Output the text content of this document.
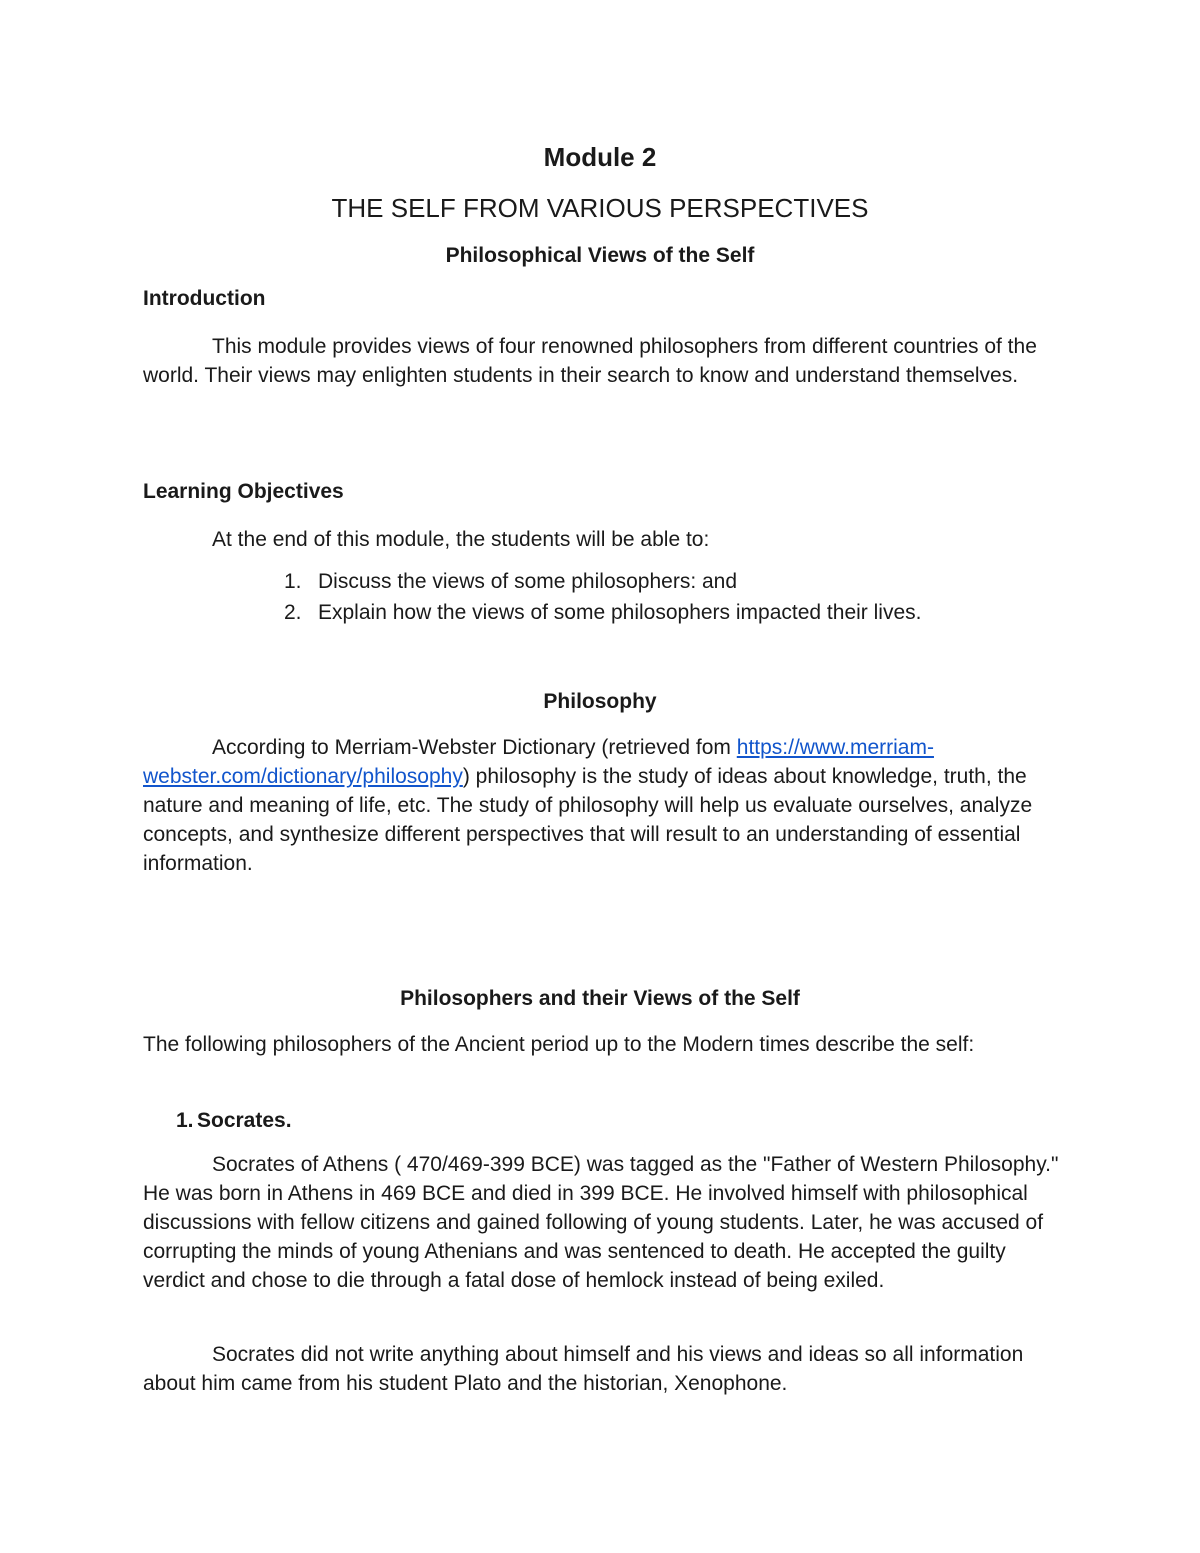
Module 2
THE SELF FROM VARIOUS PERSPECTIVES
Philosophical Views of the Self
Introduction

This module provides views of four renowned philosophers from different countries of the world. Their views may enlighten students in their search to know and understand themselves.

Learning Objectives

At the end of this module, the students will be able to:

1. Discuss the views of some philosophers: and
2. Explain how the views of some philosophers impacted their lives.
Philosophy

According to Merriam-Webster Dictionary (retrieved fom https://www.merriam-webster.com/dictionary/philosophy) philosophy is the study of ideas about knowledge, truth, the nature and meaning of life, etc. The study of philosophy will help us evaluate ourselves, analyze concepts, and synthesize different perspectives that will result to an understanding of essential information.

Philosophers and their Views of the Self

The following philosophers of the Ancient period up to the Modern times describe the self:

1. Socrates.

Socrates of Athens ( 470/469-399 BCE) was tagged as the "Father of Western Philosophy." He was born in Athens in 469 BCE and died in 399 BCE. He involved himself with philosophical discussions with fellow citizens and gained following of young students. Later, he was accused of corrupting the minds of young Athenians and was sentenced to death. He accepted the guilty verdict and chose to die through a fatal dose of hemlock instead of being exiled.

Socrates did not write anything about himself and his views and ideas so all information about him came from his student Plato and the historian, Xenophone.
